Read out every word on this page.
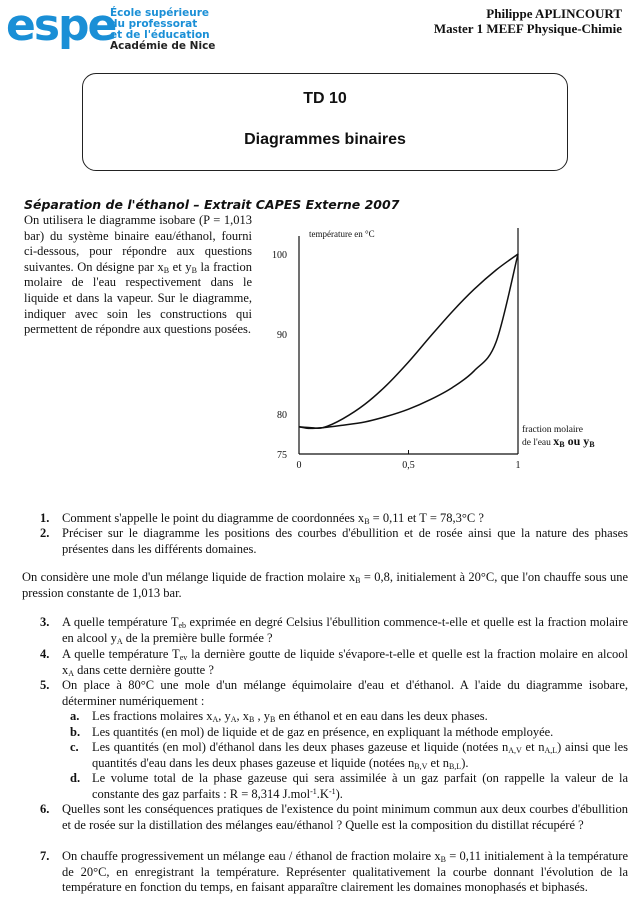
espe
École supérieure
du professorat
et de l'éducation
Académie de Nice
Philippe APLINCOURT
Master 1 MEEF Physique-Chimie
TD 10
Diagrammes binaires
Séparation de l'éthanol – Extrait CAPES Externe 2007
On utilisera le diagramme isobare (P = 1,013 bar) du système binaire eau/éthanol, fourni ci-dessous, pour répondre aux questions suivantes. On désigne par $x_B$ et $y_B$ la fraction molaire de l'eau respectivement dans le liquide et dans la vapeur. Sur le diagramme, indiquer avec soin les constructions qui permettent de répondre aux questions posées.
température en °C
100
90
80
75
0	0,5	1
fraction molaire
de l'eau $x_B$ ou $y_B$
1. Comment s'appelle le point du diagramme de coordonnées $x_B = 0,11$ et T = 78,3°C ?
2. Préciser sur le diagramme les positions des courbes d'ébullition et de rosée ainsi que la nature des phases présentes dans les différents domaines.
On considère une mole d'un mélange liquide de fraction molaire $x_B = 0,8$, initialement à 20°C, que l'on chauffe sous une pression constante de 1,013 bar.
3. A quelle température $T_{eb}$ exprimée en degré Celsius l'ébullition commence-t-elle et quelle est la fraction molaire en alcool $y_A$ de la première bulle formée ?
4. A quelle température $T_{ev}$ la dernière goutte de liquide s'évapore-t-elle et quelle est la fraction molaire en alcool $x_A$ dans cette dernière goutte ?
5. On place à 80°C une mole d'un mélange équimolaire d'eau et d'éthanol. A l'aide du diagramme isobare, déterminer numériquement :
a. Les fractions molaires $x_A$, $y_A$, $x_B$ , $y_B$ en éthanol et en eau dans les deux phases.
b. Les quantités (en mol) de liquide et de gaz en présence, en expliquant la méthode employée.
c. Les quantités (en mol) d'éthanol dans les deux phases gazeuse et liquide (notées $n_{A,V}$ et $n_{A,L}$) ainsi que les quantités d'eau dans les deux phases gazeuse et liquide (notées $n_{B,V}$ et $n_{B,L}$).
d. Le volume total de la phase gazeuse qui sera assimilée à un gaz parfait (on rappelle la valeur de la constante des gaz parfaits : R = 8,314 $J.mol^{-1}.K^{-1}$).
6. Quelles sont les conséquences pratiques de l'existence du point minimum commun aux deux courbes d'ébullition et de rosée sur la distillation des mélanges eau/éthanol ? Quelle est la composition du distillat récupéré ?
7. On chauffe progressivement un mélange eau / éthanol de fraction molaire $x_B = 0,11$ initialement à la température de 20°C, en enregistrant la température. Représenter qualitativement la courbe donnant l'évolution de la température en fonction du temps, en faisant apparaître clairement les domaines monophasés et biphasés.
